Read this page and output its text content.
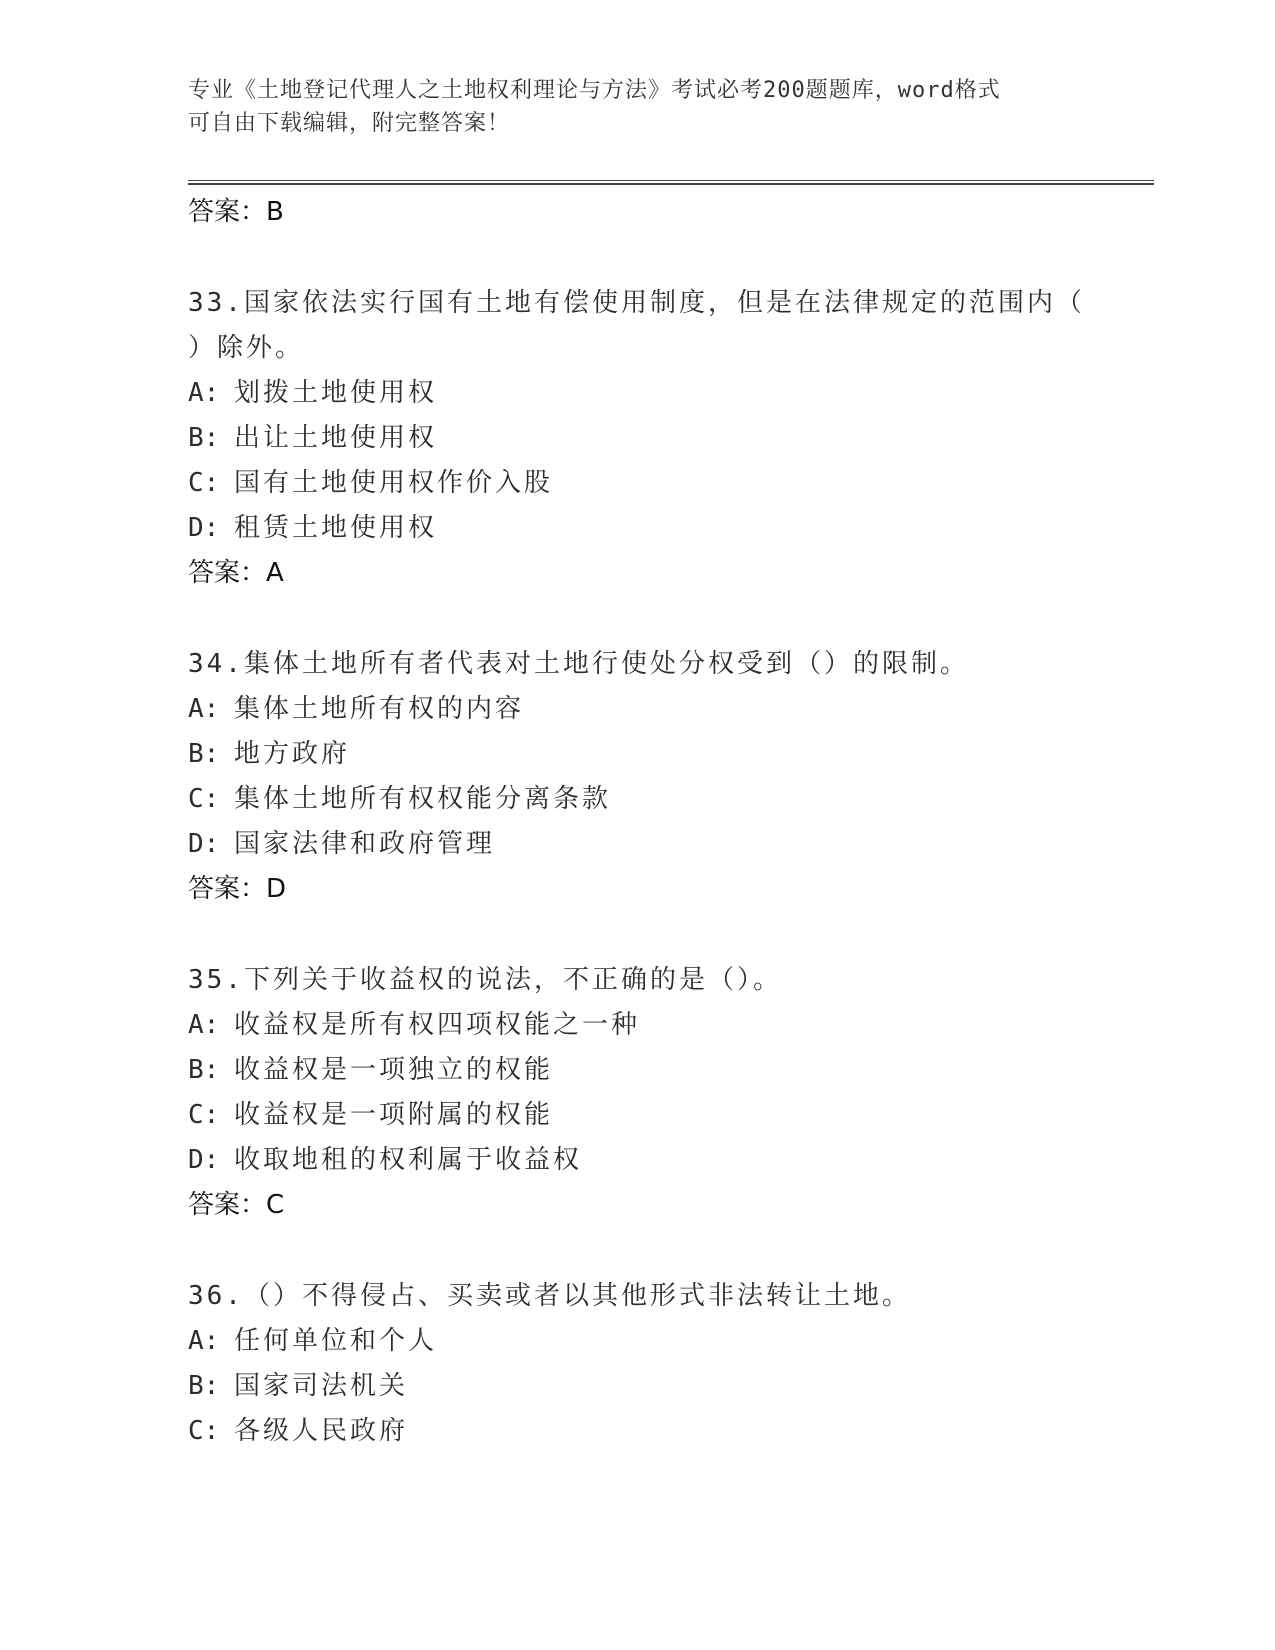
专业《土地登记代理人之土地权利理论与方法》考试必考200题题库，word格式
可自由下载编辑，附完整答案！
答案：B
33.国家依法实行国有土地有偿使用制度，但是在法律规定的范围内（
）除外。
A: 划拨土地使用权
B: 出让土地使用权
C: 国有土地使用权作价入股
D: 租赁土地使用权
答案：A
34.集体土地所有者代表对土地行使处分权受到（）的限制。
A: 集体土地所有权的内容
B: 地方政府
C: 集体土地所有权权能分离条款
D: 国家法律和政府管理
答案：D
35.下列关于收益权的说法，不正确的是（）。
A: 收益权是所有权四项权能之一种
B: 收益权是一项独立的权能
C: 收益权是一项附属的权能
D: 收取地租的权利属于收益权
答案：C
36.（）不得侵占、买卖或者以其他形式非法转让土地。
A: 任何单位和个人
B: 国家司法机关
C: 各级人民政府
